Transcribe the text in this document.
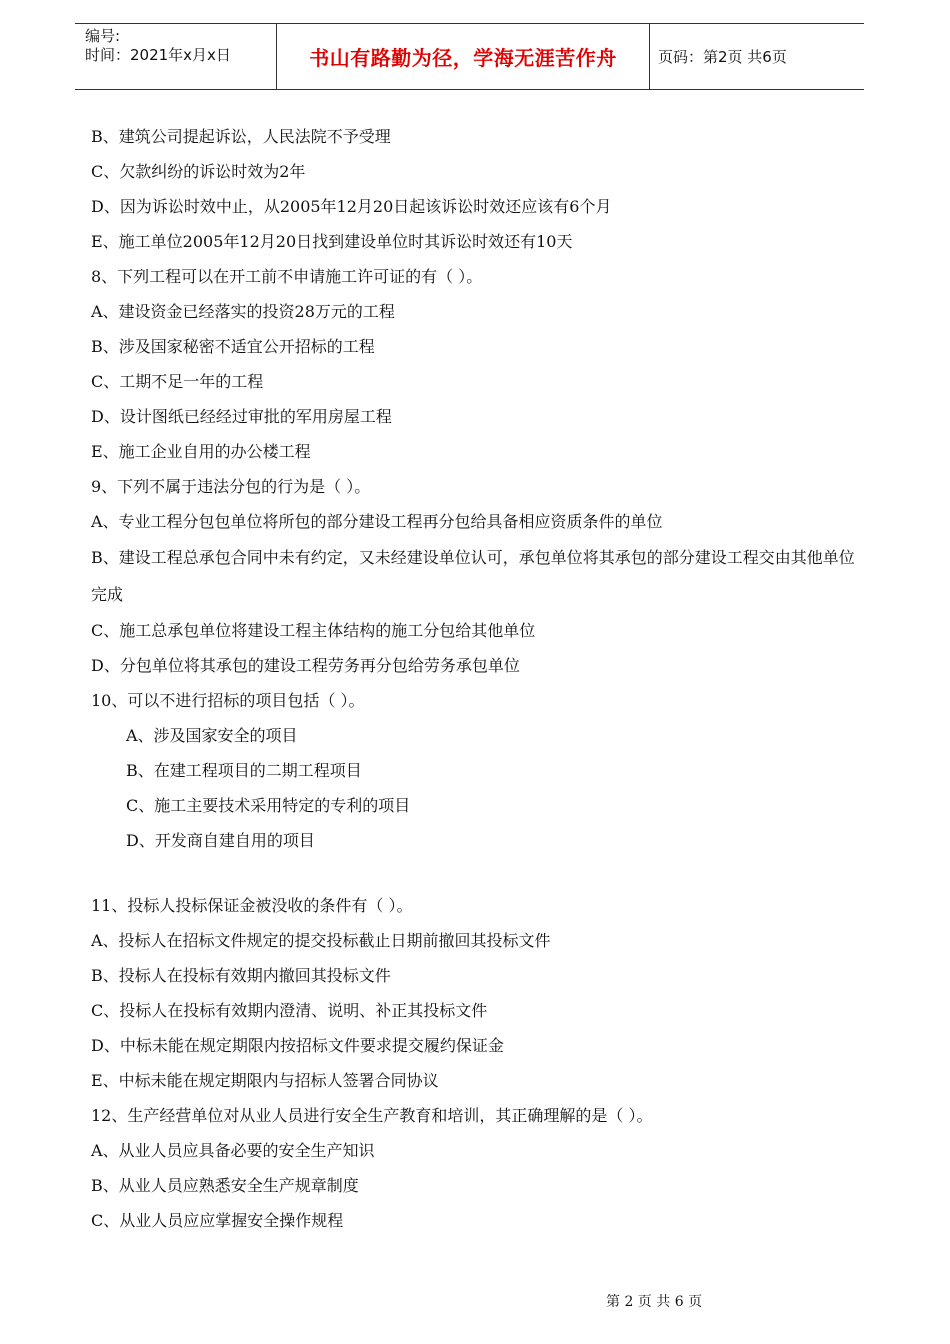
编号:
时间：2021年x月x日	书山有路勤为径，学海无涯苦作舟	页码：第2页 共6页
B、建筑公司提起诉讼，人民法院不予受理
C、欠款纠纷的诉讼时效为2年
D、因为诉讼时效中止，从2005年12月20日起该诉讼时效还应该有6个月
E、施工单位2005年12月20日找到建设单位时其诉讼时效还有10天
8、下列工程可以在开工前不申请施工许可证的有（ ）。
A、建设资金已经落实的投资28万元的工程
B、涉及国家秘密不适宜公开招标的工程
C、工期不足一年的工程
D、设计图纸已经经过审批的军用房屋工程
E、施工企业自用的办公楼工程
9、下列不属于违法分包的行为是（ ）。
A、专业工程分包包单位将所包的部分建设工程再分包给具备相应资质条件的单位
B、建设工程总承包合同中未有约定，又未经建设单位认可，承包单位将其承包的部分建设工程交由其他单位完成
C、施工总承包单位将建设工程主体结构的施工分包给其他单位
D、分包单位将其承包的建设工程劳务再分包给劳务承包单位
10、可以不进行招标的项目包括（ ）。
A、涉及国家安全的项目
B、在建工程项目的二期工程项目
C、施工主要技术采用特定的专利的项目
D、开发商自建自用的项目
11、投标人投标保证金被没收的条件有（ ）。
A、投标人在招标文件规定的提交投标截止日期前撤回其投标文件
B、投标人在投标有效期内撤回其投标文件
C、投标人在投标有效期内澄清、说明、补正其投标文件
D、中标未能在规定期限内按招标文件要求提交履约保证金
E、中标未能在规定期限内与招标人签署合同协议
12、生产经营单位对从业人员进行安全生产教育和培训，其正确理解的是（ ）。
A、从业人员应具备必要的安全生产知识
B、从业人员应熟悉安全生产规章制度
C、从业人员应应掌握安全操作规程
第 2 页 共 6 页
